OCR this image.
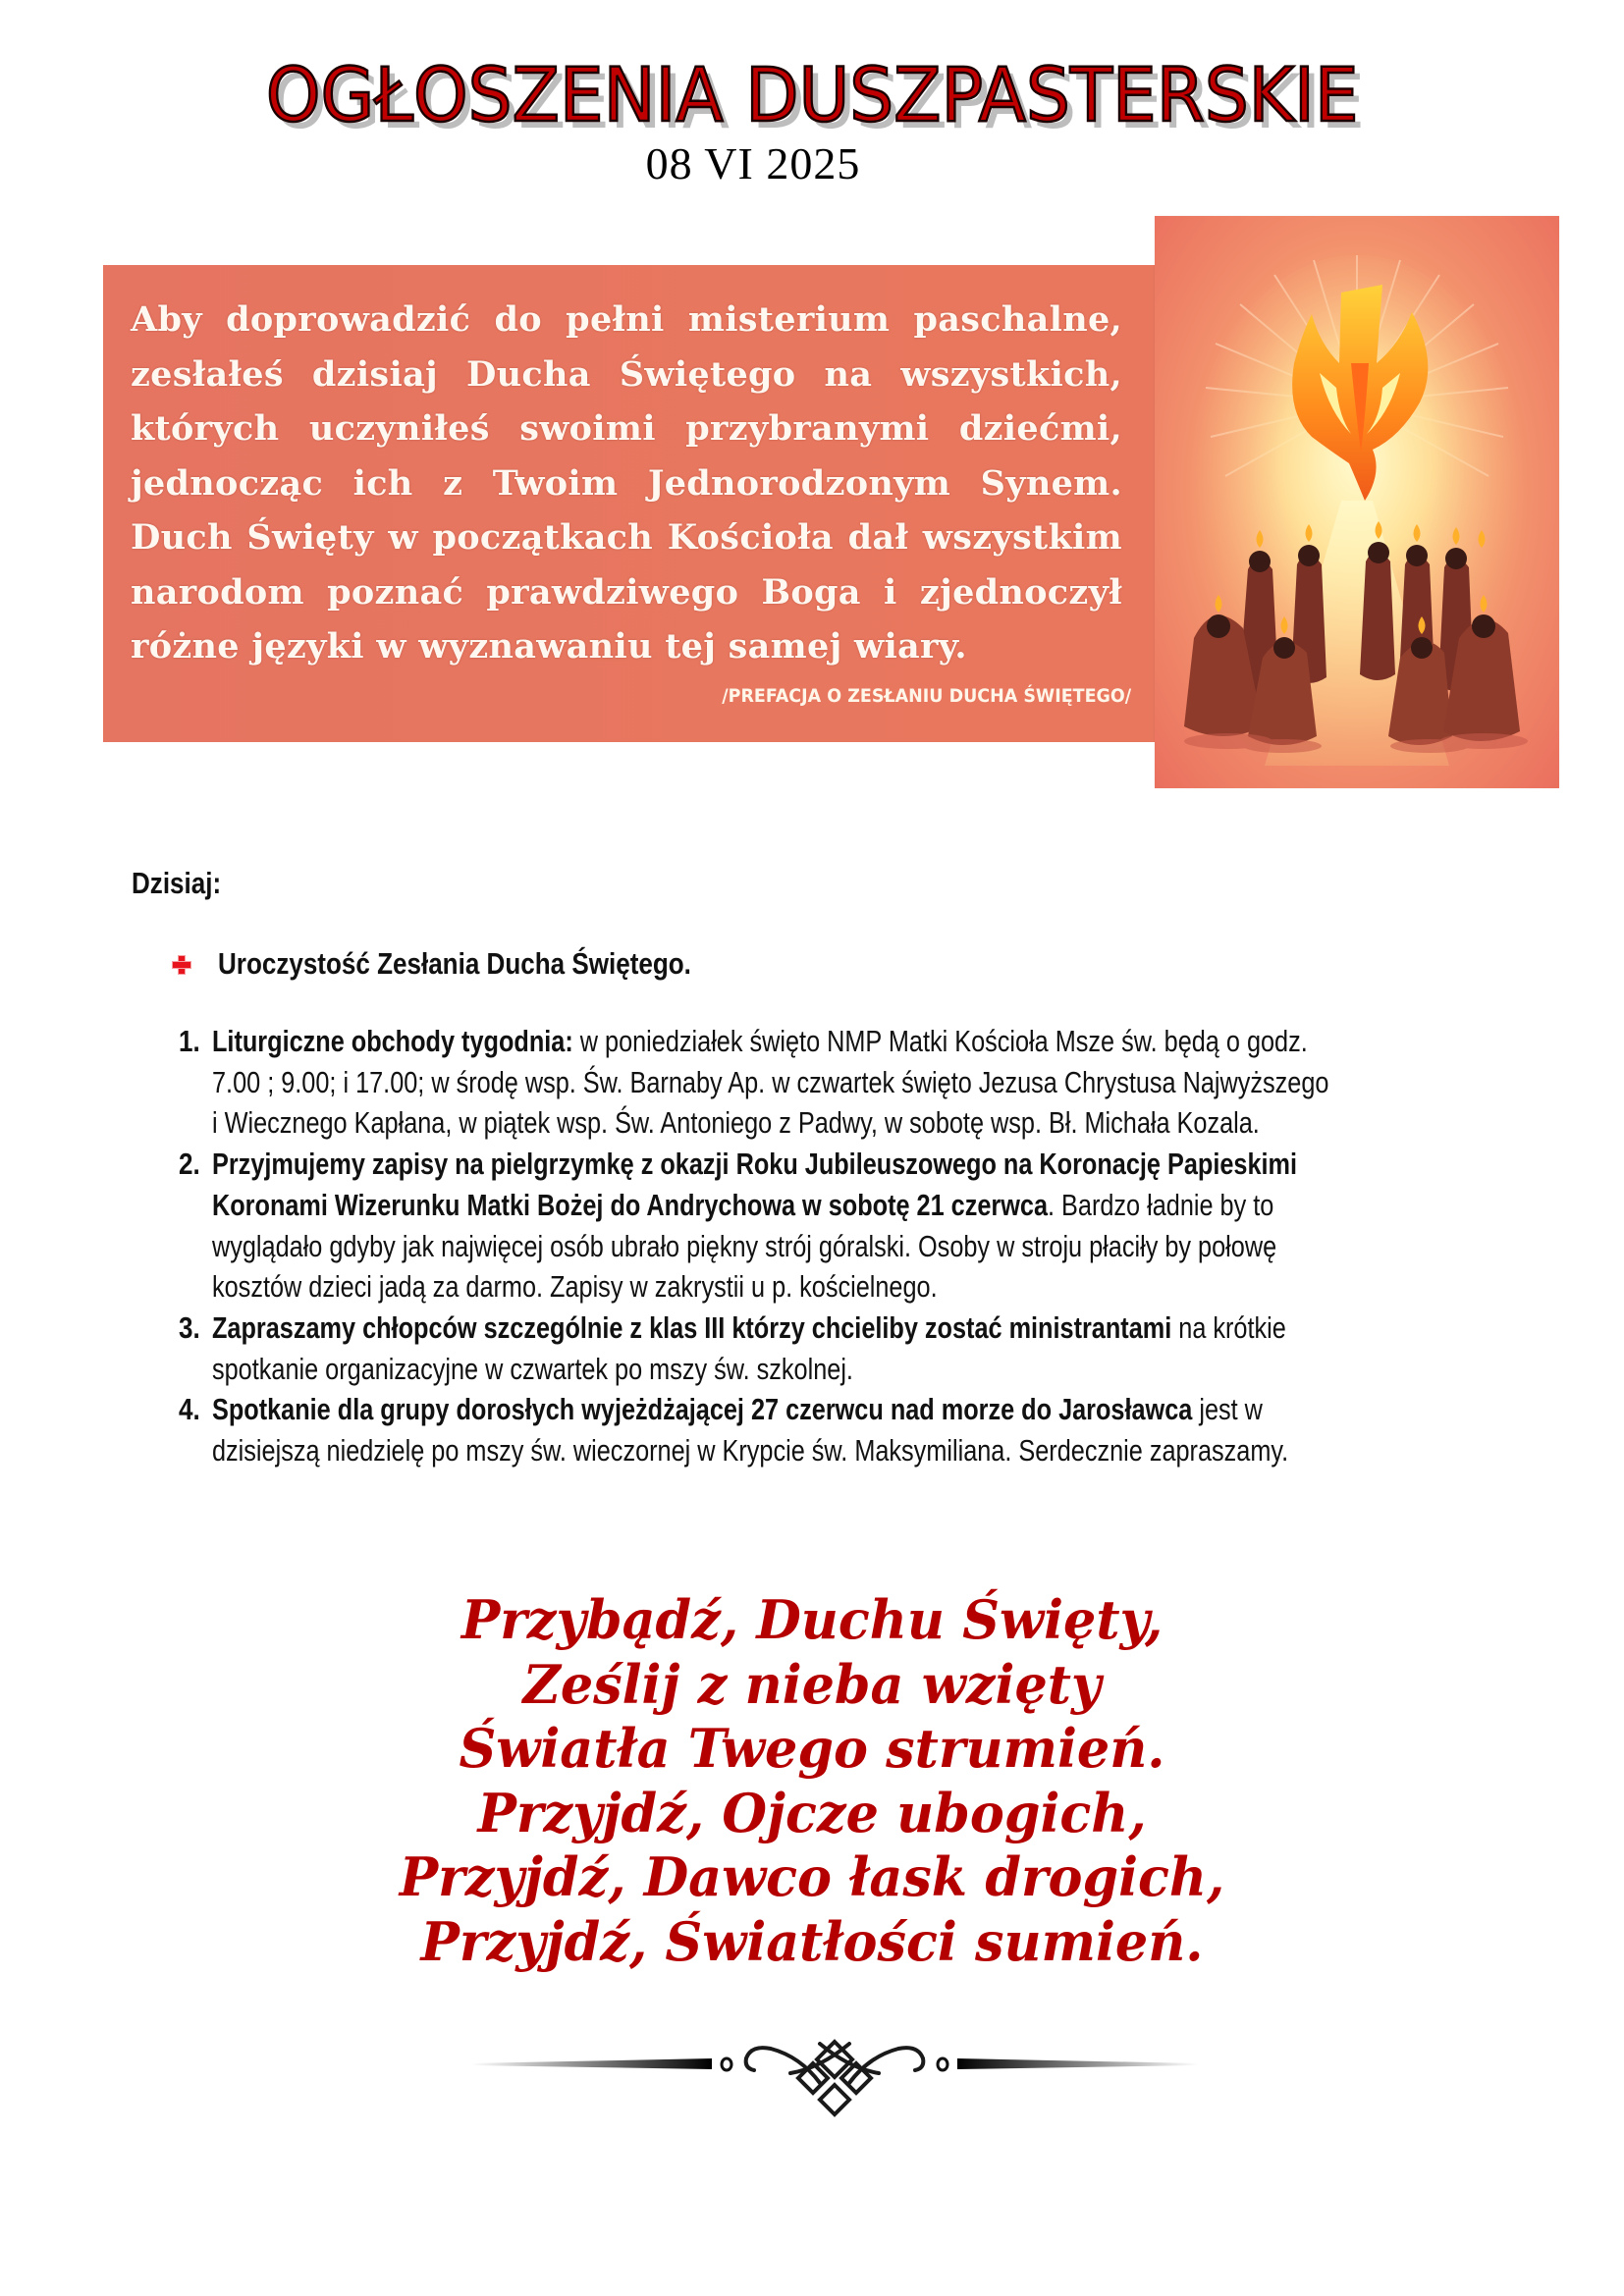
OGŁOSZENIA DUSZPASTERSKIE
08 VI 2025
Aby doprowadzić do pełni misterium paschalne,
zesłałeś dzisiaj Ducha Świętego na wszystkich,
których uczyniłeś swoimi przybranymi dziećmi,
jednocząc ich z Twoim Jednorodzonym Synem.
Duch Święty w początkach Kościoła dał wszystkim
narodom poznać prawdziwego Boga i zjednoczył
różne języki w wyznawaniu tej samej wiary.
/PREFACJA O ZESŁANIU DUCHA ŚWIĘTEGO/
Dzisiaj:
Uroczystość Zesłania Ducha Świętego.
1. Liturgiczne obchody tygodnia: w poniedziałek święto NMP Matki Kościoła Msze św. będą o godz.
7.00 ; 9.00; i 17.00; w środę wsp. Św. Barnaby Ap. w czwartek święto Jezusa Chrystusa Najwyższego
i Wiecznego Kapłana, w piątek wsp. Św. Antoniego z Padwy, w sobotę wsp. Bł. Michała Kozala.
2. Przyjmujemy zapisy na pielgrzymkę z okazji Roku Jubileuszowego na Koronację Papieskimi
Koronami Wizerunku Matki Bożej do Andrychowa w sobotę 21 czerwca. Bardzo ładnie by to
wyglądało gdyby jak najwięcej osób ubrało piękny strój góralski. Osoby w stroju płaciły by połowę
kosztów dzieci jadą za darmo. Zapisy w zakrystii u p. kościelnego.
3. Zapraszamy chłopców szczególnie z klas III którzy chcieliby zostać ministrantami na krótkie
spotkanie organizacyjne w czwartek po mszy św. szkolnej.
4. Spotkanie dla grupy dorosłych wyjeżdżającej 27 czerwcu nad morze do Jarosławca jest w
dzisiejszą niedzielę po mszy św. wieczornej w Krypcie św. Maksymiliana. Serdecznie zapraszamy.
Przybądź, Duchu Święty,
Ześlij z nieba wzięty
Światła Twego strumień.
Przyjdź, Ojcze ubogich,
Przyjdź, Dawco łask drogich,
Przyjdź, Światłości sumień.
